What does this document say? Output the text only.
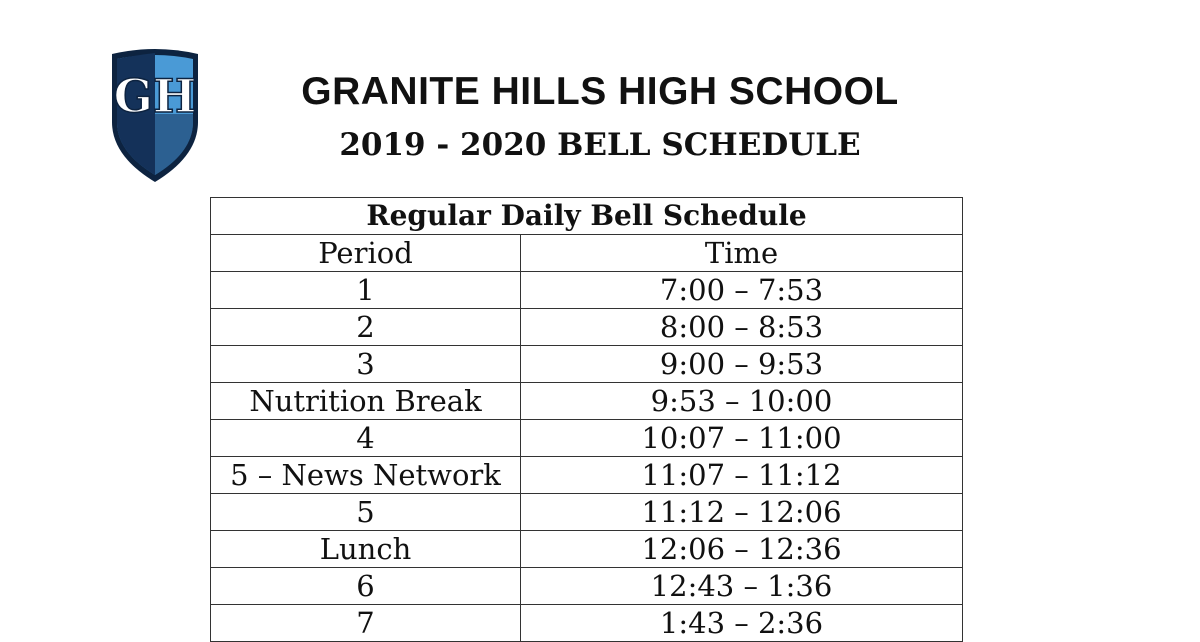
GH	GRANITE HILLS HIGH SCHOOL
2019 - 2020 BELL SCHEDULE
Regular Daily Bell Schedule	
Period	Time
1	7:00 – 7:53
2	8:00 – 8:53
3	9:00 – 9:53
Nutrition Break	9:53 – 10:00
4	10:07 – 11:00
5 – News Network	11:07 – 11:12
5	11:12 – 12:06
Lunch	12:06 – 12:36
6	12:43 – 1:36
7	1:43 – 2:36
